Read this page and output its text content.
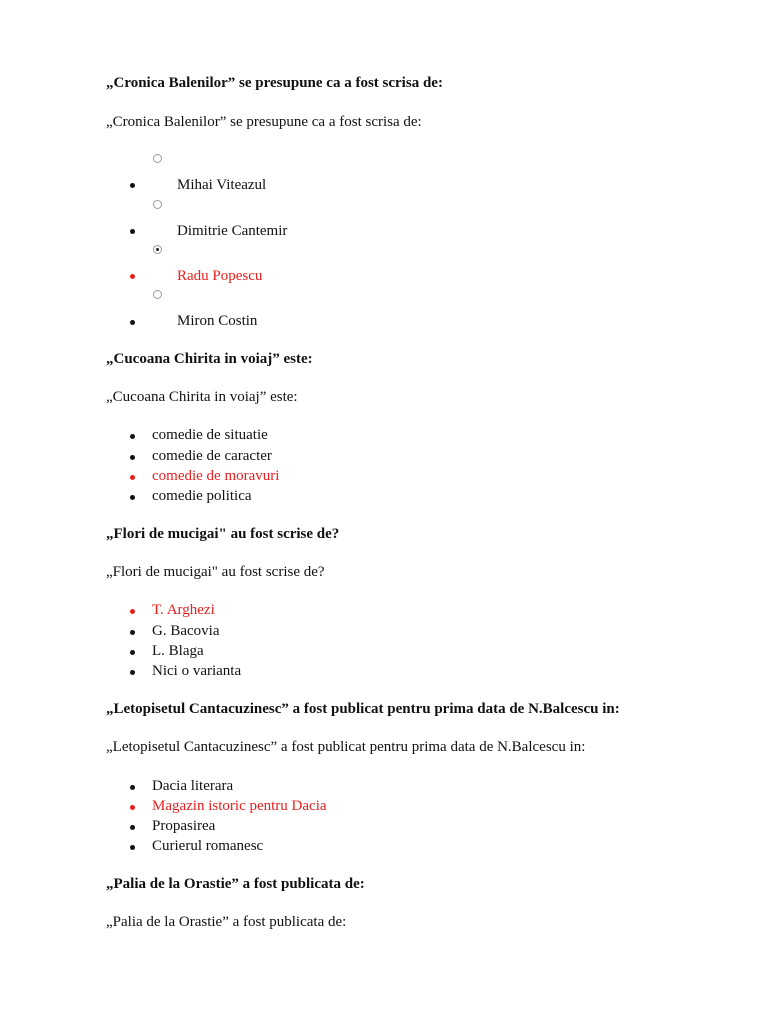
„Cronica Balenilor” se presupune ca a fost scrisa de:
„Cronica Balenilor” se presupune ca a fost scrisa de:
Mihai Viteazul
Dimitrie Cantemir
Radu Popescu
Miron Costin
„Cucoana Chirita in voiaj” este:
„Cucoana Chirita in voiaj” este:
comedie de situatie
comedie de caracter
comedie de moravuri
comedie politica
„Flori de mucigai" au fost scrise de?
„Flori de mucigai" au fost scrise de?
T. Arghezi
G. Bacovia
L. Blaga
Nici o varianta
„Letopisetul Cantacuzinesc” a fost publicat pentru prima data de N.Balcescu in:
„Letopisetul Cantacuzinesc” a fost publicat pentru prima data de N.Balcescu in:
Dacia literara
Magazin istoric pentru Dacia
Propasirea
Curierul romanesc
„Palia de la Orastie” a fost publicata de:
„Palia de la Orastie” a fost publicata de:
